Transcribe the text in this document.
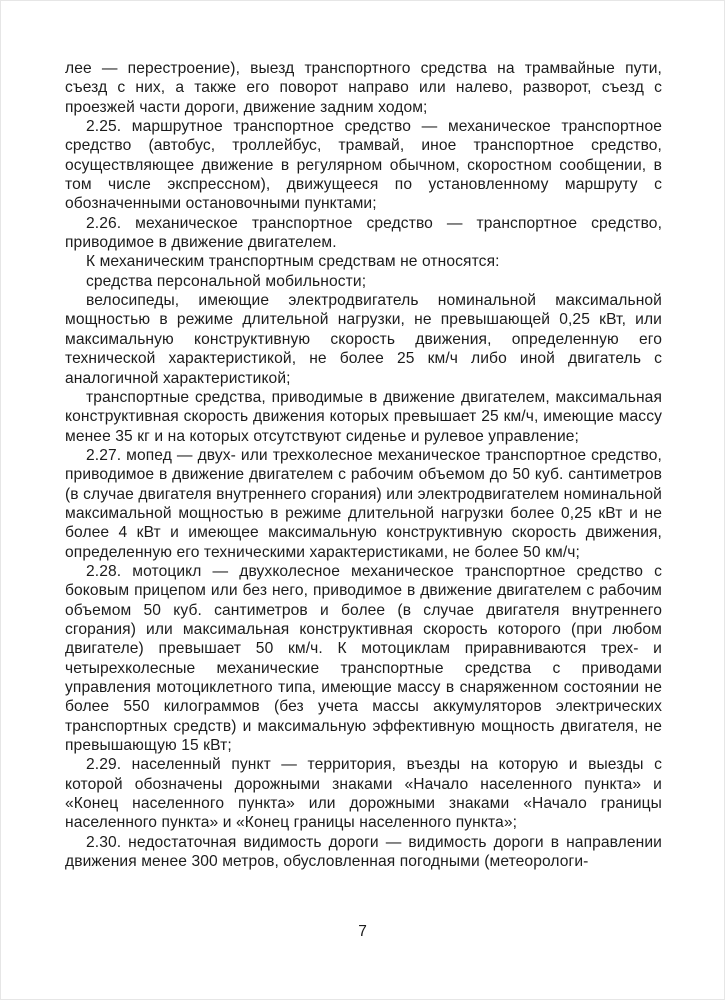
лее — перестроение), выезд транспортного средства на трамвайные пути, съезд с них, а также его поворот направо или налево, разворот, съезд с проезжей части дороги, движение задним ходом;

2.25. маршрутное транспортное средство — механическое транспортное средство (автобус, троллейбус, трамвай, иное транспортное средство, осуществляющее движение в регулярном обычном, скоростном сообщении, в том числе экспрессном), движущееся по установленному маршруту с обозначенными остановочными пунктами;

2.26. механическое транспортное средство — транспортное средство, приводимое в движение двигателем.

К механическим транспортным средствам не относятся:

средства персональной мобильности;

велосипеды, имеющие электродвигатель номинальной максимальной мощностью в режиме длительной нагрузки, не превышающей 0,25 кВт, или максимальную конструктивную скорость движения, определенную его технической характеристикой, не более 25 км/ч либо иной двигатель с аналогичной характеристикой;

транспортные средства, приводимые в движение двигателем, максимальная конструктивная скорость движения которых превышает 25 км/ч, имеющие массу менее 35 кг и на которых отсутствуют сиденье и рулевое управление;

2.27. мопед — двух- или трехколесное механическое транспортное средство, приводимое в движение двигателем с рабочим объемом до 50 куб. сантиметров (в случае двигателя внутреннего сгорания) или электродвигателем номинальной максимальной мощностью в режиме длительной нагрузки более 0,25 кВт и не более 4 кВт и имеющее максимальную конструктивную скорость движения, определенную его техническими характеристиками, не более 50 км/ч;

2.28. мотоцикл — двухколесное механическое транспортное средство с боковым прицепом или без него, приводимое в движение двигателем с рабочим объемом 50 куб. сантиметров и более (в случае двигателя внутреннего сгорания) или максимальная конструктивная скорость которого (при любом двигателе) превышает 50 км/ч. К мотоциклам приравниваются трех- и четырехколесные механические транспортные средства с приводами управления мотоциклетного типа, имеющие массу в снаряженном состоянии не более 550 килограммов (без учета массы аккумуляторов электрических транспортных средств) и максимальную эффективную мощность двигателя, не превышающую 15 кВт;

2.29. населенный пункт — территория, въезды на которую и выезды с которой обозначены дорожными знаками «Начало населенного пункта» и «Конец населенного пункта» или дорожными знаками «Начало границы населенного пункта» и «Конец границы населенного пункта»;

2.30. недостаточная видимость дороги — видимость дороги в направлении движения менее 300 метров, обусловленная погодными (метеорологи-

7
